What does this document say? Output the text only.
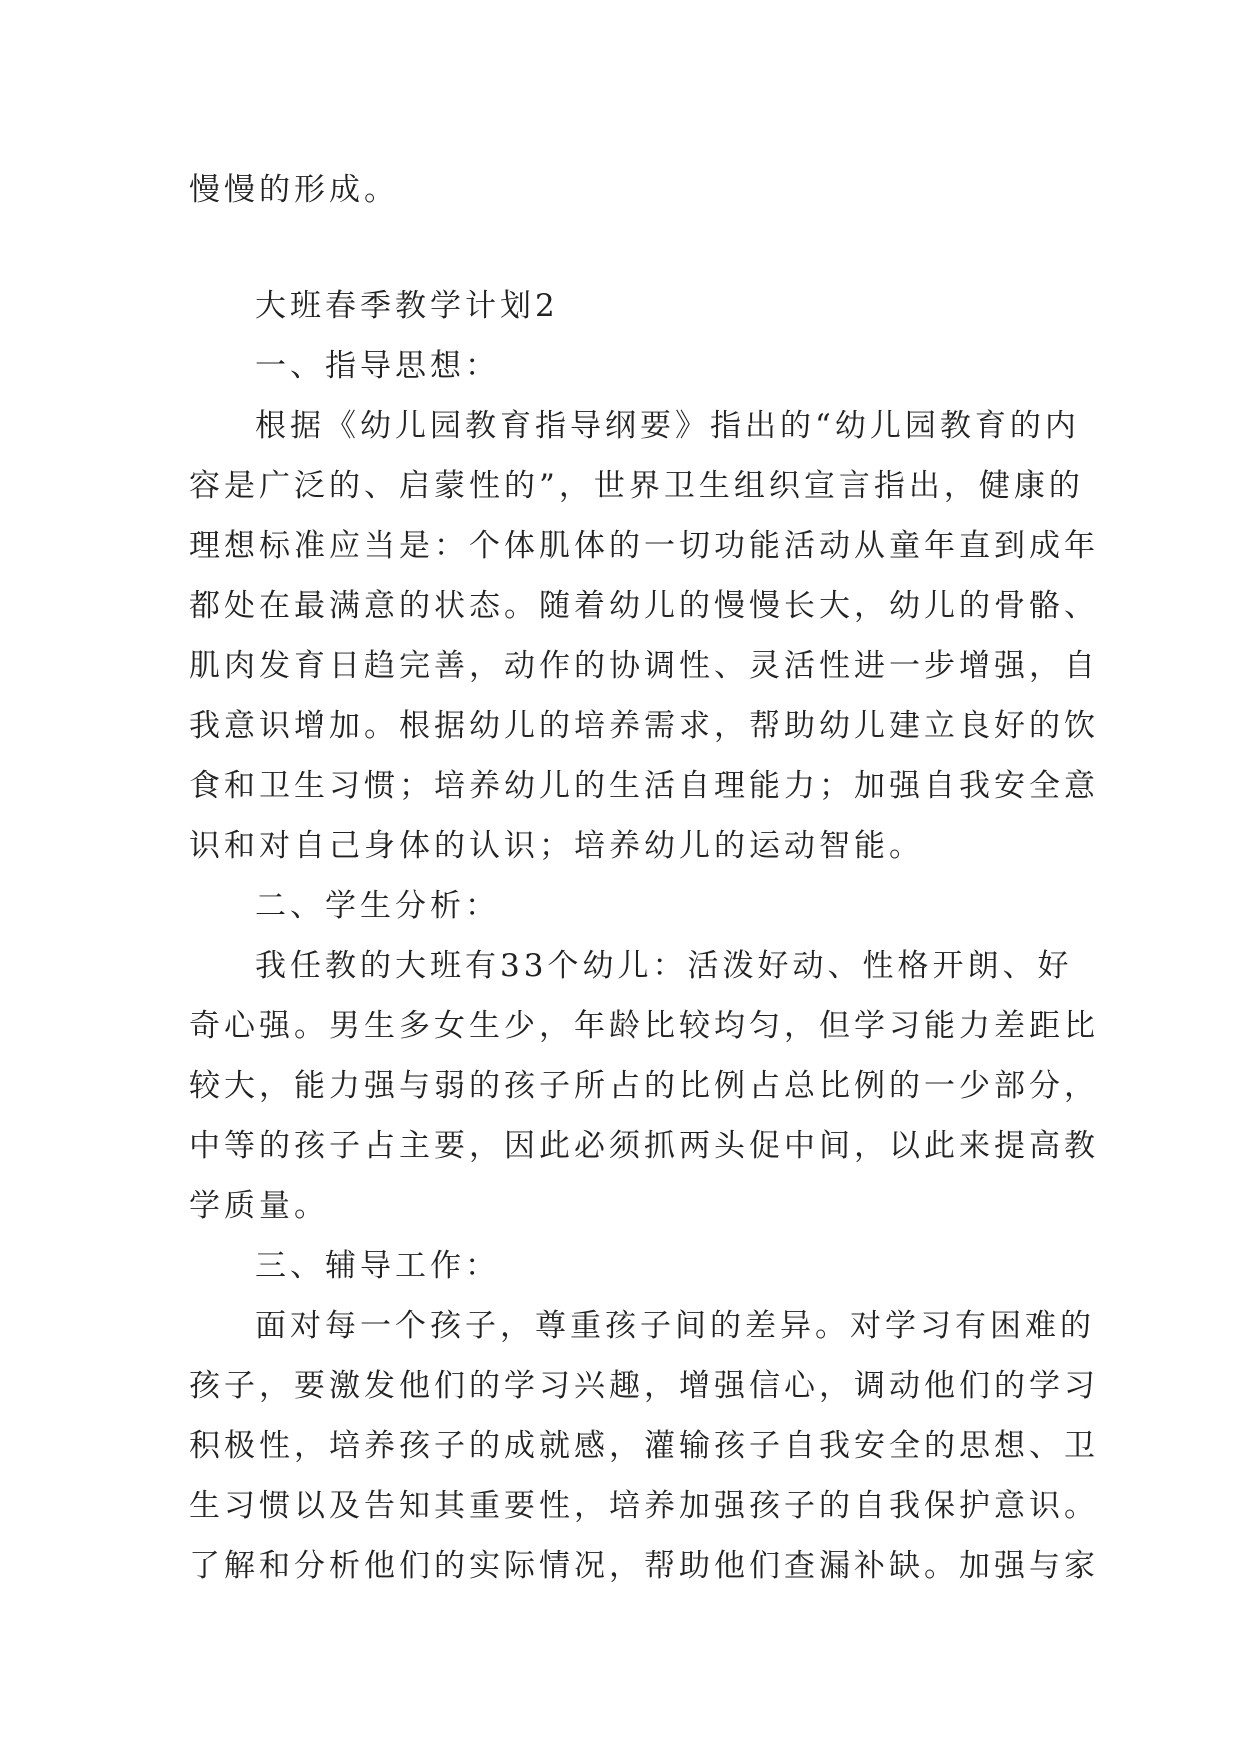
慢慢的形成。
大班春季教学计划2
一、指导思想：
根据《幼儿园教育指导纲要》指出的“幼儿园教育的内
容是广泛的、启蒙性的”，世界卫生组织宣言指出，健康的
理想标准应当是：个体肌体的一切功能活动从童年直到成年
都处在最满意的状态。随着幼儿的慢慢长大，幼儿的骨骼、
肌肉发育日趋完善，动作的协调性、灵活性进一步增强，自
我意识增加。根据幼儿的培养需求，帮助幼儿建立良好的饮
食和卫生习惯；培养幼儿的生活自理能力；加强自我安全意
识和对自己身体的认识；培养幼儿的运动智能。
二、学生分析：
我任教的大班有33个幼儿：活泼好动、性格开朗、好
奇心强。男生多女生少，年龄比较均匀，但学习能力差距比
较大，能力强与弱的孩子所占的比例占总比例的一少部分，
中等的孩子占主要，因此必须抓两头促中间，以此来提高教
学质量。
三、辅导工作：
面对每一个孩子，尊重孩子间的差异。对学习有困难的
孩子，要激发他们的学习兴趣，增强信心，调动他们的学习
积极性，培养孩子的成就感，灌输孩子自我安全的思想、卫
生习惯以及告知其重要性，培养加强孩子的自我保护意识。
了解和分析他们的实际情况，帮助他们查漏补缺。加强与家
